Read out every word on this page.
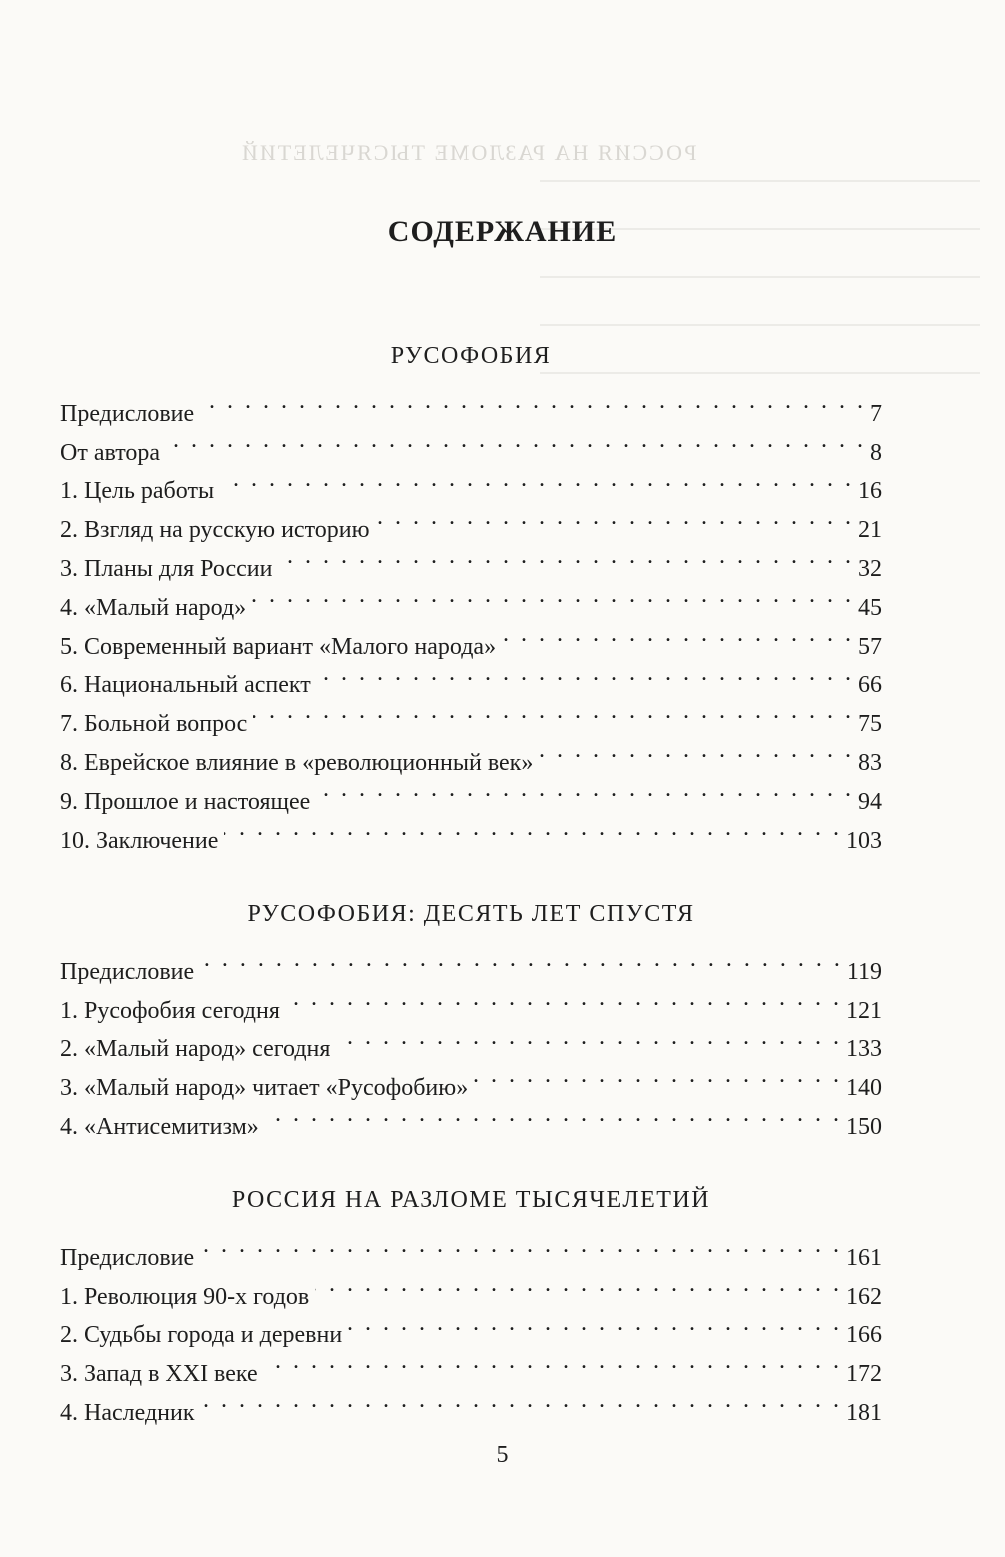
РОССИЯ НА РАЗЛОМЕ ТЫСЯЧЕЛЕТИЙ
СОДЕРЖАНИЕ
РУСОФОБИЯ
Предисловие . . .	7
От автора . . .	8
1. Цель работы . . .	16
2. Взгляд на русскую историю . . .	21
3. Планы для России . . .	32
4. «Малый народ» . . .	45
5. Современный вариант «Малого народа» . . .	57
6. Национальный аспект . . .	66
7. Больной вопрос . . .	75
8. Еврейское влияние в «революционный век» . . .	83
9. Прошлое и настоящее . . .	94
10. Заключение . . .	103
РУСОФОБИЯ: ДЕСЯТЬ ЛЕТ СПУСТЯ
Предисловие . . .	119
1. Русофобия сегодня . . .	121
2. «Малый народ» сегодня . . .	133
3. «Малый народ» читает «Русофобию» . . .	140
4. «Антисемитизм» . . .	150
РОССИЯ НА РАЗЛОМЕ ТЫСЯЧЕЛЕТИЙ
Предисловие . . .	161
1. Революция 90-х годов . . .	162
2. Судьбы города и деревни . . .	166
3. Запад в XXI веке . . .	172
4. Наследник . . .	181
5
